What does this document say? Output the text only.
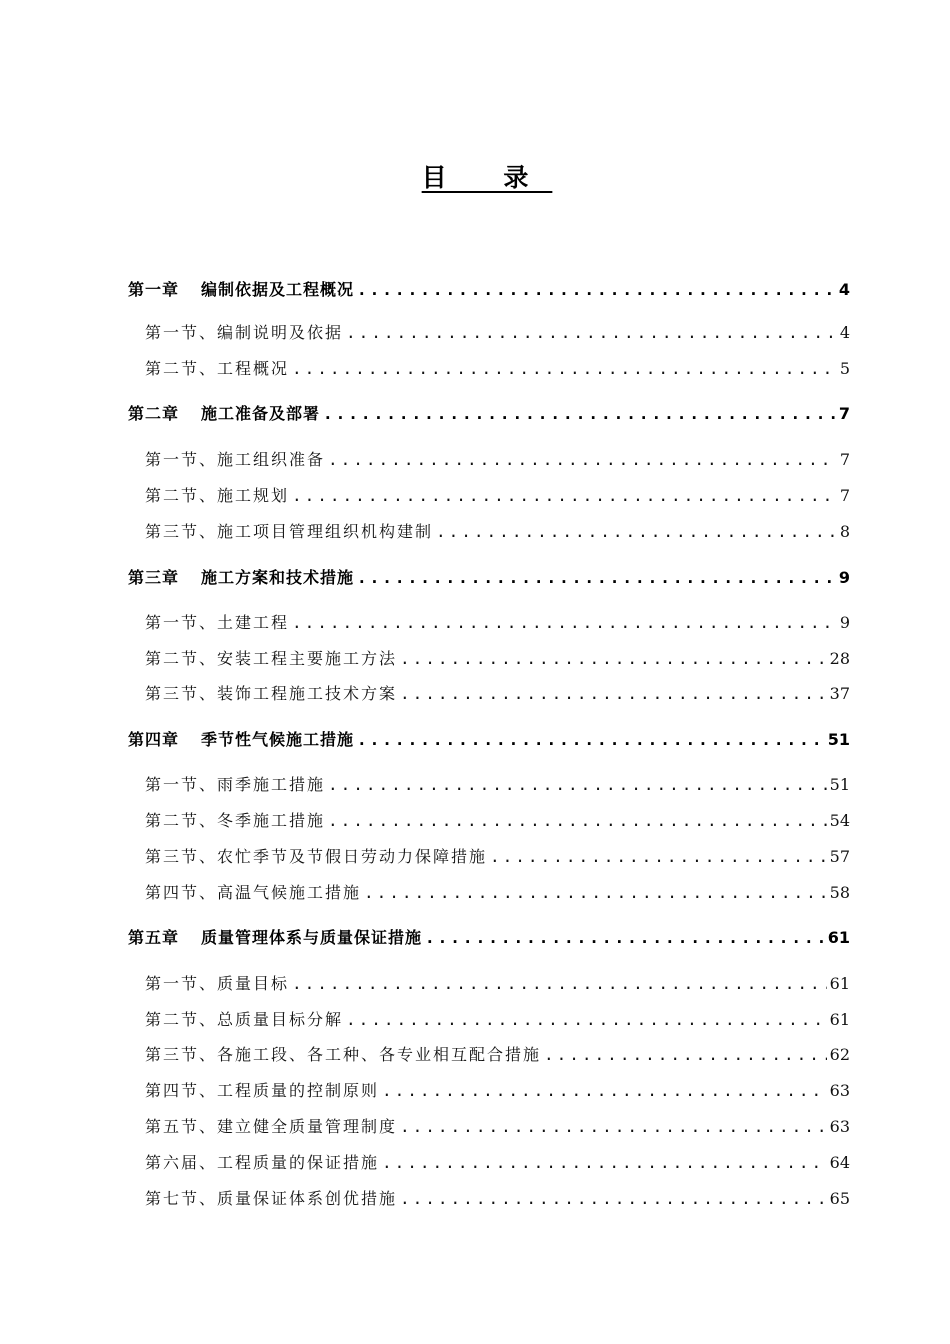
目 录
第一章 编制依据及工程概况 .....	4
第一节、编制说明及依据 .....	4
第二节、工程概况 .....	5
第二章 施工准备及部署 .....	7
第一节、施工组织准备 .....	7
第二节、施工规划 .....	7
第三节、施工项目管理组织机构建制 .....	8
第三章 施工方案和技术措施 .....	9
第一节、土建工程 .....	9
第二节、安装工程主要施工方法 .....	28
第三节、装饰工程施工技术方案 .....	37
第四章 季节性气候施工措施 .....	51
第一节、雨季施工措施 .....	51
第二节、冬季施工措施 .....	54
第三节、农忙季节及节假日劳动力保障措施 .....	57
第四节、高温气候施工措施 .....	58
第五章 质量管理体系与质量保证措施 .....	61
第一节、质量目标 .....	61
第二节、总质量目标分解 .....	61
第三节、各施工段、各工种、各专业相互配合措施 .....	62
第四节、工程质量的控制原则 .....	63
第五节、建立健全质量管理制度 .....	63
第六届、工程质量的保证措施 .....	64
第七节、质量保证体系创优措施 .....	65
